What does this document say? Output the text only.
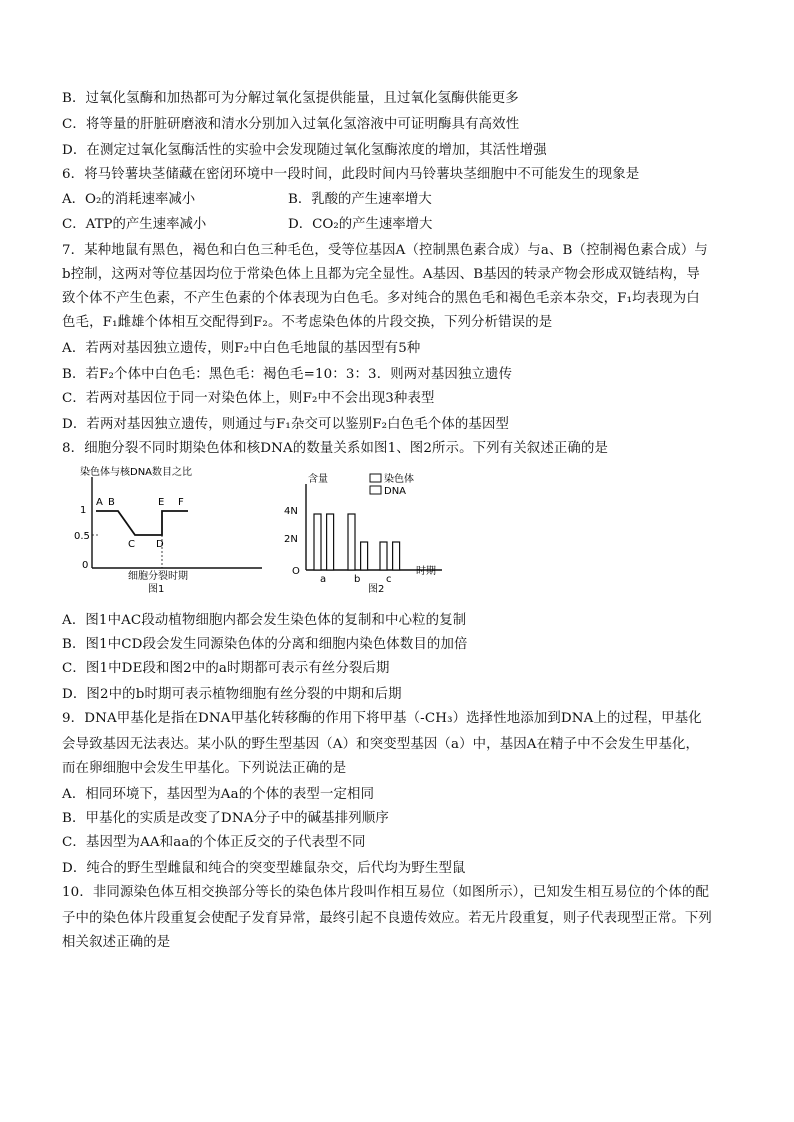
B．过氧化氢酶和加热都可为分解过氧化氢提供能量，且过氧化氢酶供能更多
C．将等量的肝脏研磨液和清水分别加入过氧化氢溶液中可证明酶具有高效性
D．在测定过氧化氢酶活性的实验中会发现随过氧化氢酶浓度的增加，其活性增强
6．将马铃薯块茎储藏在密闭环境中一段时间，此段时间内马铃薯块茎细胞中不可能发生的现象是
A．O₂的消耗速率减小	B．乳酸的产生速率增大
C．ATP的产生速率减小	D．CO₂的产生速率增大
7．某种地鼠有黑色，褐色和白色三种毛色，受等位基因A（控制黑色素合成）与a、B（控制褐色素合成）与
b控制，这两对等位基因均位于常染色体上且都为完全显性。A基因、B基因的转录产物会形成双链结构，导
致个体不产生色素，不产生色素的个体表现为白色毛。多对纯合的黑色毛和褐色毛亲本杂交，F₁均表现为白
色毛，F₁雌雄个体相互交配得到F₂。不考虑染色体的片段交换，下列分析错误的是
A．若两对基因独立遗传，则F₂中白色毛地鼠的基因型有5种
B．若F₂个体中白色毛：黑色毛：褐色毛=10：3：3．则两对基因独立遗传
C．若两对基因位于同一对染色体上，则F₂中不会出现3种表型
D．若两对基因独立遗传，则通过与F₁杂交可以鉴别F₂白色毛个体的基因型
8．细胞分裂不同时期染色体和核DNA的数量关系如图1、图2所示。下列有关叙述正确的是
染色体与核DNA数目之比
1
0.5
0
A B
C D
E F
细胞分裂时期
图1
含量	染色体
DNA
4N
2N
O
a	b	c
时期
图2
A．图1中AC段动植物细胞内都会发生染色体的复制和中心粒的复制
B．图1中CD段会发生同源染色体的分离和细胞内染色体数目的加倍
C．图1中DE段和图2中的a时期都可表示有丝分裂后期
D．图2中的b时期可表示植物细胞有丝分裂的中期和后期
9．DNA甲基化是指在DNA甲基化转移酶的作用下将甲基（-CH₃）选择性地添加到DNA上的过程，甲基化
会导致基因无法表达。某小队的野生型基因（A）和突变型基因（a）中，基因A在精子中不会发生甲基化，
而在卵细胞中会发生甲基化。下列说法正确的是
A．相同环境下，基因型为Aa的个体的表型一定相同
B．甲基化的实质是改变了DNA分子中的碱基排列顺序
C．基因型为AA和aa的个体正反交的子代表型不同
D．纯合的野生型雌鼠和纯合的突变型雄鼠杂交，后代均为野生型鼠
10．非同源染色体互相交换部分等长的染色体片段叫作相互易位（如图所示），已知发生相互易位的个体的配
子中的染色体片段重复会使配子发育异常，最终引起不良遗传效应。若无片段重复，则子代表现型正常。下列
相关叙述正确的是
